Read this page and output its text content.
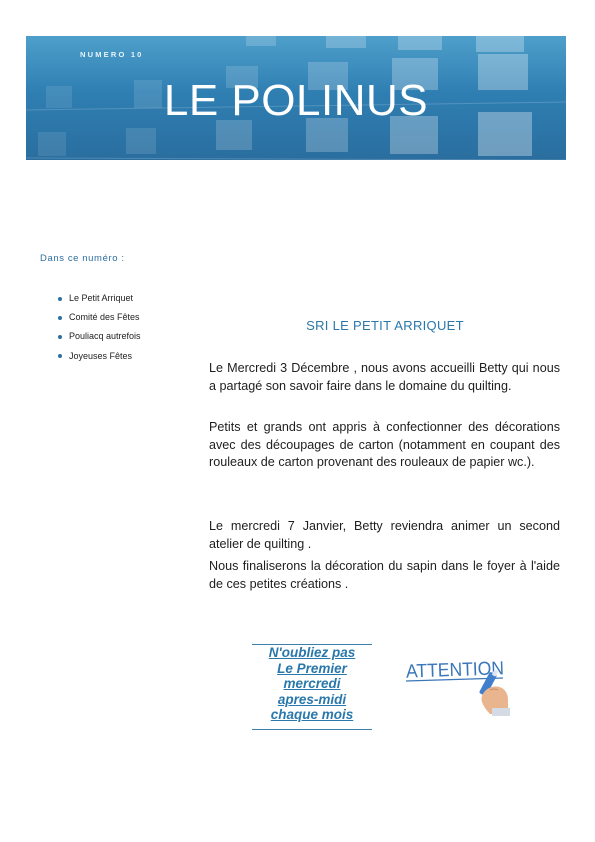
NUMERO 10
LE POLINUS
Dans ce numéro :
Le Petit Arriquet
Comité des Fêtes
Pouliacq autrefois
Joyeuses Fêtes
SRI LE PETIT ARRIQUET

Le Mercredi 3 Décembre , nous avons accueilli Betty qui nous a partagé son savoir faire dans le domaine du quilting.

Petits et grands ont appris à confectionner des décorations avec des découpages de carton (notamment en coupant des rouleaux de carton provenant des rouleaux de papier wc.).

Le mercredi 7 Janvier, Betty reviendra animer un second atelier de quilting .

Nous finaliserons la décoration du sapin dans le foyer à l'aide de ces petites créations .

N'oubliez pas
Le Premier
mercredi
apres-midi
chaque mois
ATTENTION
